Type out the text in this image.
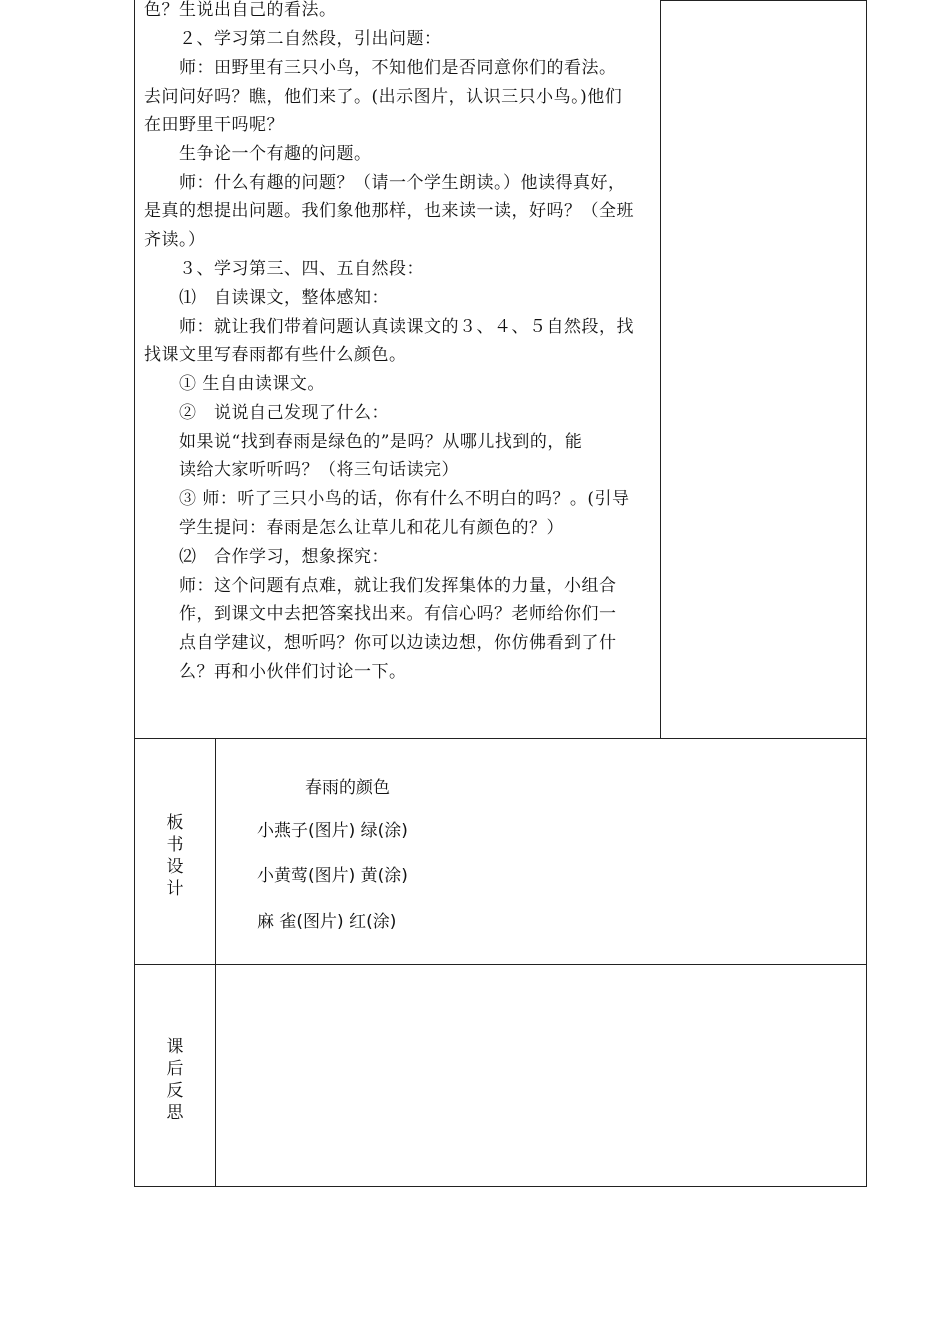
色？生说出自己的看法。
　　２、学习第二自然段，引出问题：
　　师：田野里有三只小鸟，不知他们是否同意你们的看法。
去问问好吗？瞧，他们来了。(出示图片，认识三只小鸟。)他们
在田野里干吗呢？
　　生争论一个有趣的问题。
　　师：什么有趣的问题？（请一个学生朗读。）他读得真好，
是真的想提出问题。我们象他那样，也来读一读，好吗？（全班
齐读。）
　　３、学习第三、四、五自然段：
　　⑴　自读课文，整体感知：
　　师：就让我们带着问题认真读课文的３、４、５自然段，找
找课文里写春雨都有些什么颜色。
　　① 生自由读课文。
　　②　说说自己发现了什么：
　　如果说“找到春雨是绿色的”是吗？从哪儿找到的，能
　　读给大家听听吗？（将三句话读完）
　　③ 师：听了三只小鸟的话，你有什么不明白的吗？。(引导
　　学生提问：春雨是怎么让草儿和花儿有颜色的？）
　　⑵　合作学习，想象探究：
　　师：这个问题有点难，就让我们发挥集体的力量，小组合
　　作，到课文中去把答案找出来。有信心吗？老师给你们一
　　点自学建议，想听吗？你可以边读边想，你仿佛看到了什
　　么？再和小伙伴们讨论一下。
板
书
设
计
春雨的颜色
小燕子(图片) 绿(涂)
小黄莺(图片) 黄(涂)
麻 雀(图片) 红(涂)
课
后
反
思
